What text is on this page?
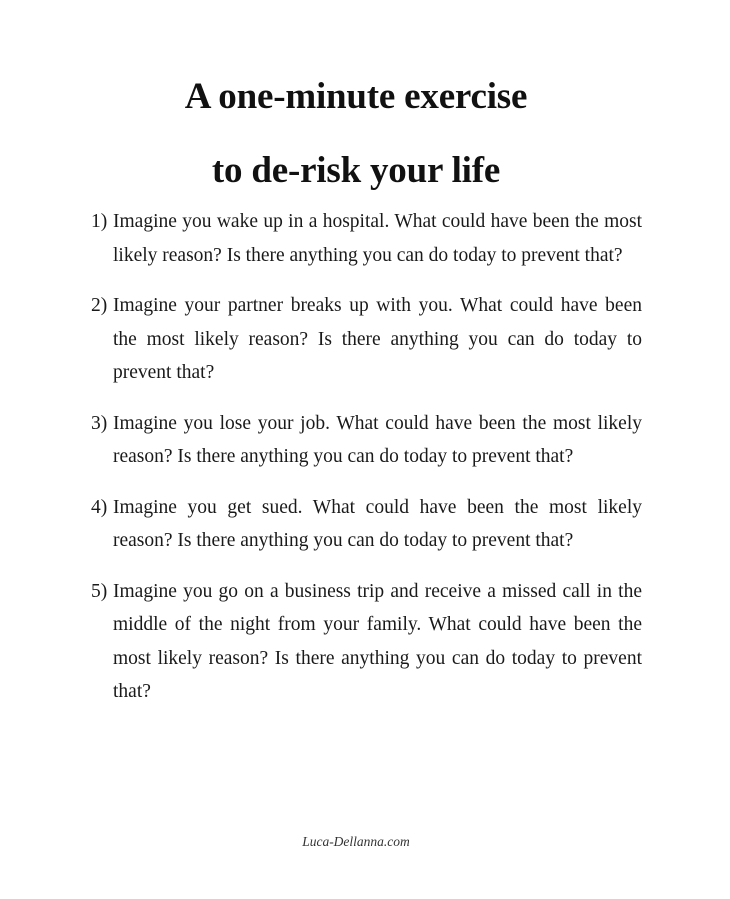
A one-minute exercise
to de-risk your life
1) Imagine you wake up in a hospital. What could have been the most likely reason? Is there anything you can do today to prevent that?
2) Imagine your partner breaks up with you. What could have been the most likely reason? Is there anything you can do today to prevent that?
3) Imagine you lose your job. What could have been the most likely reason? Is there anything you can do today to prevent that?
4) Imagine you get sued. What could have been the most likely reason? Is there anything you can do today to prevent that?
5) Imagine you go on a business trip and receive a missed call in the middle of the night from your family. What could have been the most likely reason? Is there anything you can do today to prevent that?
Luca-Dellanna.com
